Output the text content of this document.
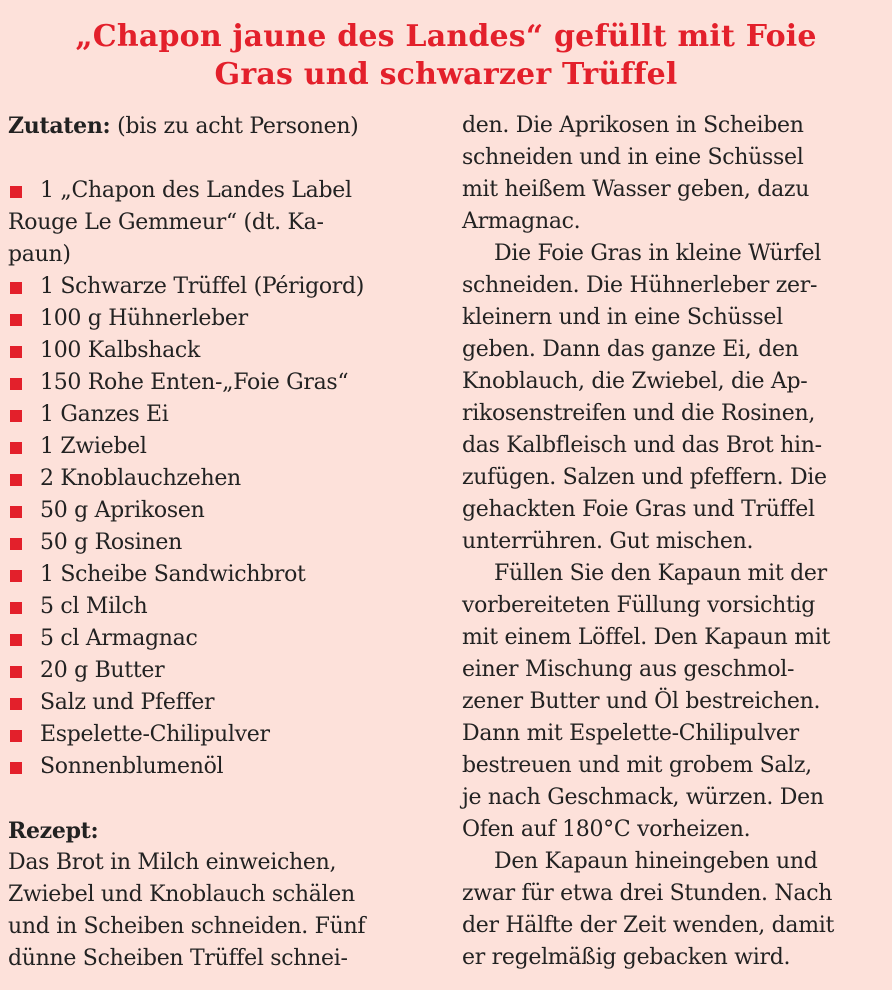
„Chapon jaune des Landes“ gefüllt mit Foie
Gras und schwarzer Trüffel
Zutaten: (bis zu acht Personen)
1 „Chapon des Landes Label
Rouge Le Gemmeur“ (dt. Ka-
paun)
1 Schwarze Trüffel (Périgord)
100 g Hühnerleber
100 Kalbshack
150 Rohe Enten-„Foie Gras“
1 Ganzes Ei
1 Zwiebel
2 Knoblauchzehen
50 g Aprikosen
50 g Rosinen
1 Scheibe Sandwichbrot
5 cl Milch
5 cl Armagnac
20 g Butter
Salz und Pfeffer
Espelette-Chilipulver
Sonnenblumenöl
Rezept:
Das Brot in Milch einweichen,
Zwiebel und Knoblauch schälen
und in Scheiben schneiden. Fünf
dünne Scheiben Trüffel schnei-
den. Die Aprikosen in Scheiben
schneiden und in eine Schüssel
mit heißem Wasser geben, dazu
Armagnac.
Die Foie Gras in kleine Würfel
schneiden. Die Hühnerleber zer-
kleinern und in eine Schüssel
geben. Dann das ganze Ei, den
Knoblauch, die Zwiebel, die Ap-
rikosenstreifen und die Rosinen,
das Kalbfleisch und das Brot hin-
zufügen. Salzen und pfeffern. Die
gehackten Foie Gras und Trüffel
unterrühren. Gut mischen.
Füllen Sie den Kapaun mit der
vorbereiteten Füllung vorsichtig
mit einem Löffel. Den Kapaun mit
einer Mischung aus geschmol-
zener Butter und Öl bestreichen.
Dann mit Espelette-Chilipulver
bestreuen und mit grobem Salz,
je nach Geschmack, würzen. Den
Ofen auf 180°C vorheizen.
Den Kapaun hineingeben und
zwar für etwa drei Stunden. Nach
der Hälfte der Zeit wenden, damit
er regelmäßig gebacken wird.
